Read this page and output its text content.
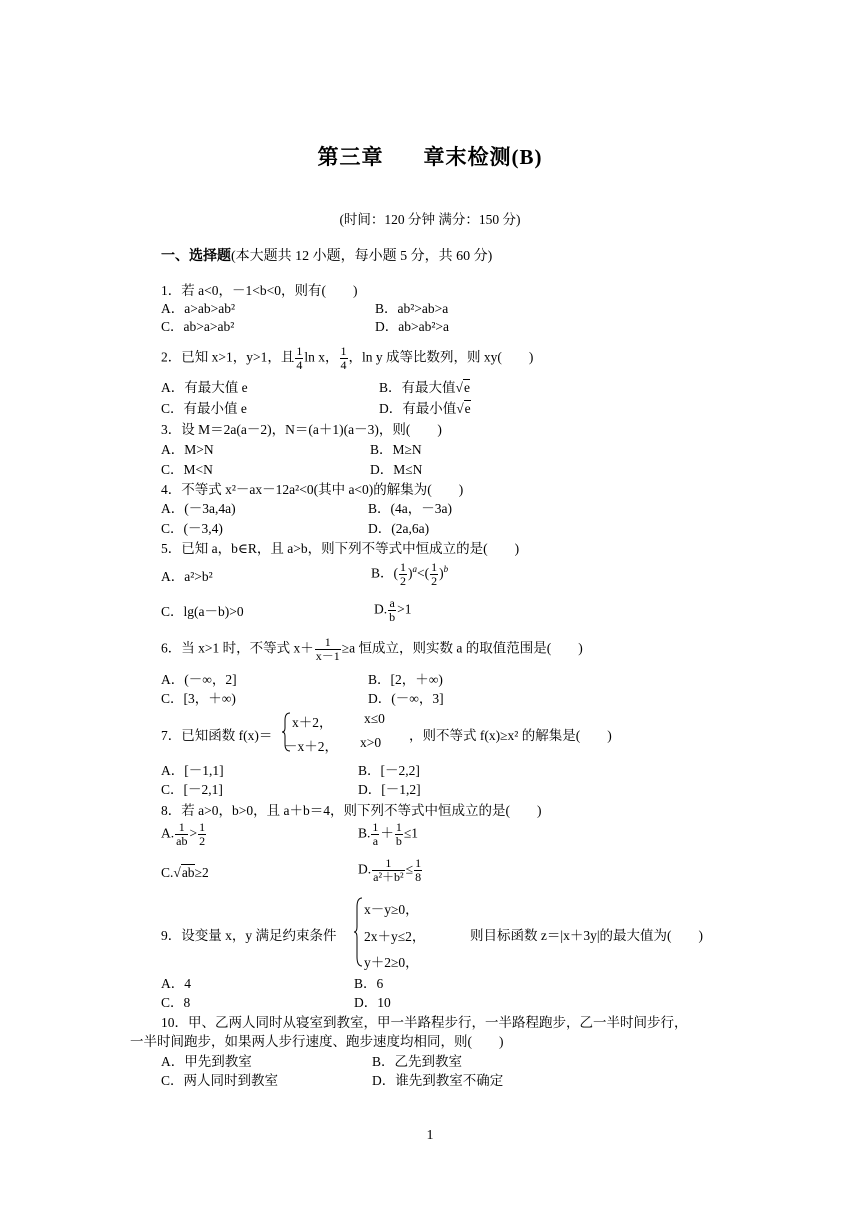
第三章 章末检测(B)
(时间：120 分钟 满分：150 分)
一、选择题(本大题共 12 小题，每小题 5 分，共 60 分)
1．若 a<0，－1<b<0，则有(　　)
A．a>ab>ab²	B．ab²>ab>a
C．ab>a>ab²	D．ab>ab²>a
2．已知 x>1，y>1，且 $\frac{1}{4}$ ln x， $\frac{1}{4}$ ，ln y 成等比数列，则 xy(　　)
A．有最大值 e	B．有最大值√e
C．有最小值 e	D．有最小值√e
3．设 M＝2a(a－2)，N＝(a＋1)(a－3)，则(　　)
A．M>N	B．M≥N
C．M<N	D．M≤N
4．不等式 x²－ax－12a²<0(其中 a<0)的解集为(　　)
A．(－3a,4a)	B．(4a，－3a)
C．(－3,4)	D．(2a,6a)
5．已知 a，b∈R，且 a>b，则下列不等式中恒成立的是(　　)
A．a²>b²	B．( $\frac{1}{2} )^a<( \frac{1}{2} )^b$
C．lg(a－b)>0	D. $\frac{a}{b} >1$
6．当 x>1 时，不等式 $x+ \frac{1}{x-1} \ge a$ 恒成立，则实数 a 的取值范围是(　　)
A．(－∞，2]	B．[2，＋∞)
C．[3，＋∞)	D．(－∞，3]
7．已知函数 f(x)＝
x＋2， x≤0
－x＋2， x>0 ，则不等式 f(x)≥x² 的解集是(　　)
A．[－1,1]	B．[－2,2]
C．[－2,1]	D．[－1,2]
8．若 a>0，b>0，且 a＋b＝4，则下列不等式中恒成立的是(　　)
A. $\frac{1}{ab} > \frac{1}{2}$	B. $\frac{1}{a} + \frac{1}{b} \le 1$
C.√ab≥2	D. $\frac{1}{\text{a²＋b²}} \le \frac{1}{8}$
9．设变量 x，y 满足约束条件
x－y≥0，
2x＋y≤2，
y＋2≥0，
则目标函数 z＝|x＋3y|的最大值为(　　)
A．4	B．6
C．8	D．10
10．甲、乙两人同时从寝室到教室，甲一半路程步行，一半路程跑步，乙一半时间步行，
一半时间跑步，如果两人步行速度、跑步速度均相同，则(　　)
A．甲先到教室	B．乙先到教室
C．两人同时到教室	D．谁先到教室不确定
1
